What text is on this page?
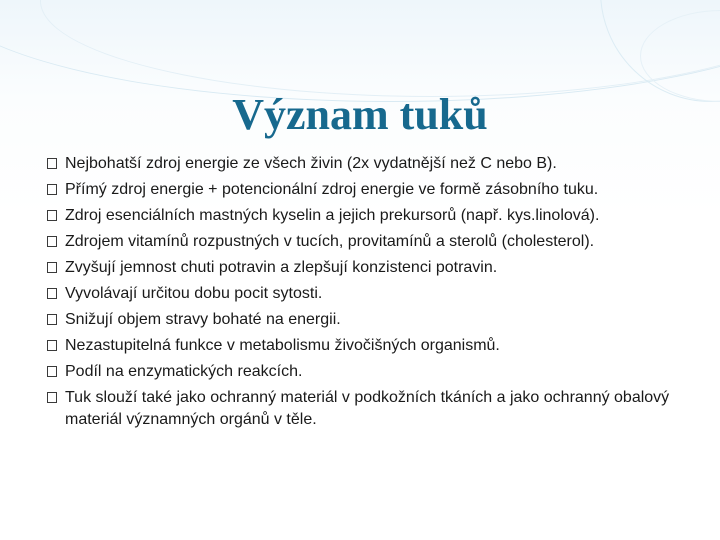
Význam tuků
Nejbohatší zdroj energie ze všech živin (2x vydatnější než C nebo B).
Přímý zdroj energie + potencionální zdroj energie ve formě zásobního tuku.
Zdroj esenciálních mastných kyselin a jejich prekursorů (např. kys.linolová).
Zdrojem vitamínů rozpustných v tucích, provitamínů a sterolů (cholesterol).
Zvyšují jemnost chuti potravin a zlepšují konzistenci potravin.
Vyvolávají určitou dobu pocit sytosti.
Snižují objem stravy bohaté na energii.
Nezastupitelná funkce v metabolismu živočišných organismů.
Podíl na enzymatických reakcích.
Tuk slouží také jako ochranný materiál v podkožních tkáních a jako ochranný obalový materiál významných orgánů v těle.
